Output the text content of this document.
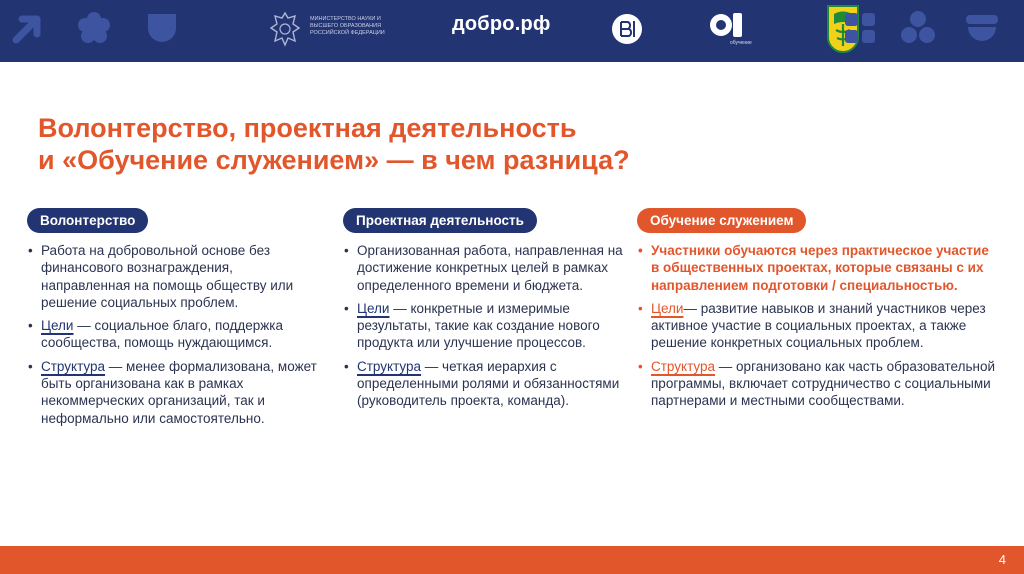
МИНИСТЕРСТВО НАУКИ И ВЫСШЕГО ОБРАЗОВАНИЯ РОССИЙСКОЙ ФЕДЕРАЦИИ	добро.рф
обучение
Волонтерство, проектная деятельность
и «Обучение служением» — в чем разница?
Волонтерство
• Работа на добровольной основе без финансового вознаграждения, направленная на помощь обществу или решение социальных проблем.
• Цели — социальное благо, поддержка сообщества, помощь нуждающимся.
• Структура — менее формализована, может быть организована как в рамках некоммерческих организаций, так и неформально или самостоятельно.
Проектная деятельность
• Организованная работа, направленная на достижение конкретных целей в рамках определенного времени и бюджета.
• Цели — конкретные и измеримые результаты, такие как создание нового продукта или улучшение процессов.
• Структура — четкая иерархия с определенными ролями и обязанностями (руководитель проекта, команда).
Обучение служением
• Участники обучаются через практическое участие в общественных проектах, которые связаны с их направлением подготовки / специальностью.
• Цели— развитие навыков и знаний участников через активное участие в социальных проектах, а также решение конкретных социальных проблем.
• Структура — организовано как часть образовательной программы, включает сотрудничество с социальными партнерами и местными сообществами.
4
